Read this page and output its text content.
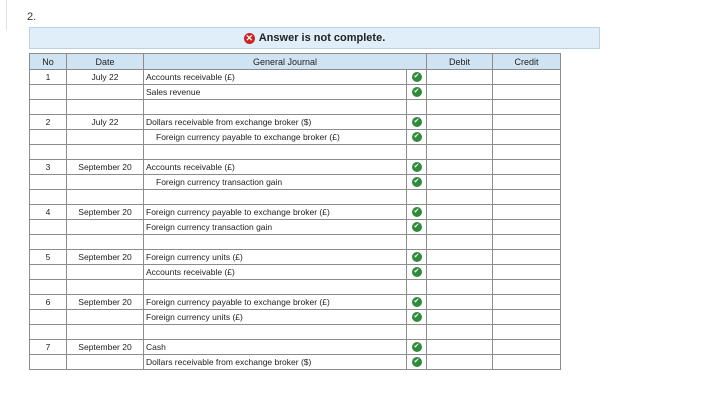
2.
✕ Answer is not complete.
No	Date	General Journal		Debit	Credit
1	July 22	Accounts receivable (£)	✔		
		Sales revenue	✔		

2	July 22	Dollars receivable from exchange broker ($)	✔		
		Foreign currency payable to exchange broker (£)	✔		

3	September 20	Accounts receivable (£)	✔		
		Foreign currency transaction gain	✔		

4	September 20	Foreign currency payable to exchange broker (£)	✔		
		Foreign currency transaction gain	✔		

5	September 20	Foreign currency units (£)	✔		
		Accounts receivable (£)	✔		

6	September 20	Foreign currency payable to exchange broker (£)	✔		
		Foreign currency units (£)	✔		

7	September 20	Cash	✔		
		Dollars receivable from exchange broker ($)	✔		
